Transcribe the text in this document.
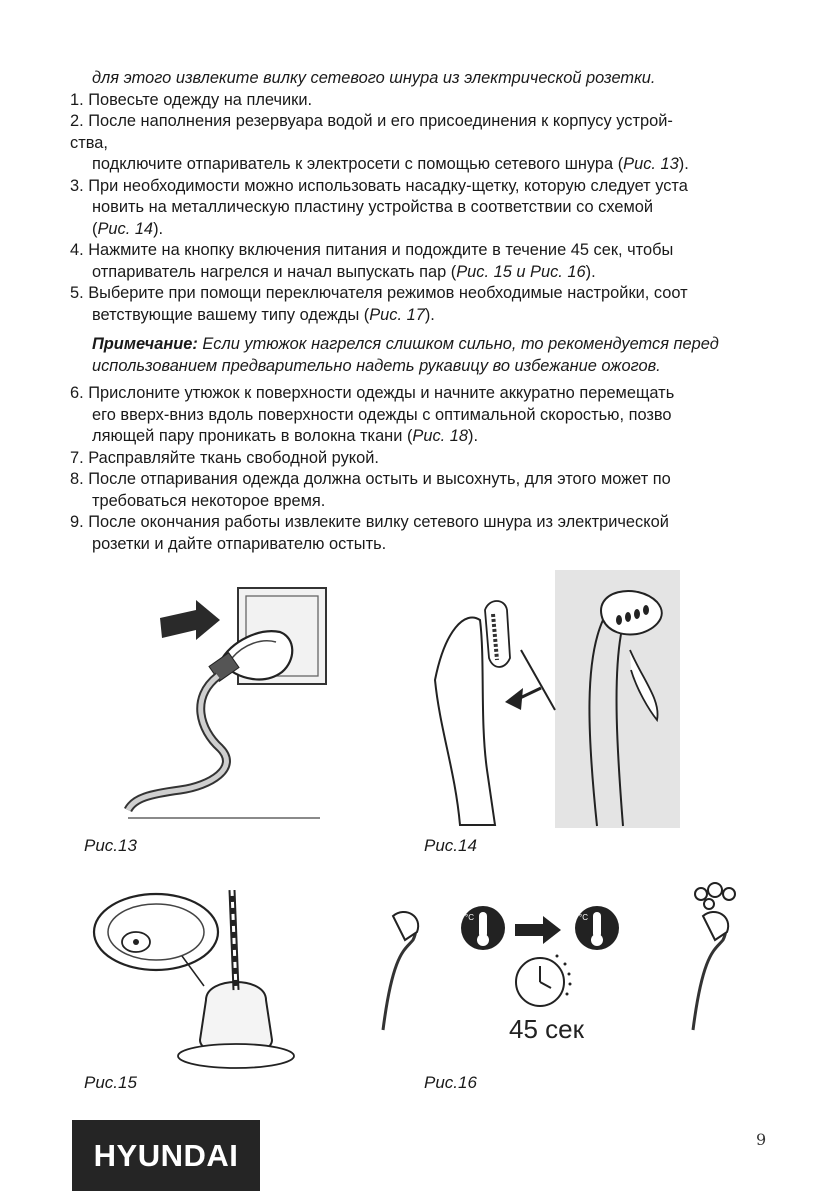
для этого извлеките вилку сетевого шнура из электрической розетки.
1. Повесьте одежду на плечики.
2. После наполнения резервуара водой и его присоединения к корпусу устрой-
ства,
подключите отпариватель к электросети с помощью сетевого шнура (Рис. 13).
3. При необходимости можно использовать насадку-щетку, которую следует уста
новить на металлическую пластину устройства в соответствии со схемой
(Рис. 14).
4. Нажмите на кнопку включения питания и подождите в течение 45 сек, чтобы
отпариватель нагрелся и начал выпускать пар (Рис. 15 и Рис. 16).
5. Выберите при помощи переключателя режимов необходимые настройки, соот
ветствующие вашему типу одежды (Рис. 17).
Примечание: Если утюжок нагрелся слишком сильно, то рекомендуется перед
использованием предварительно надеть рукавицу во избежание ожогов.
6. Прислоните утюжок к поверхности одежды и начните аккуратно перемещать
его вверх-вниз вдоль поверхности одежды с оптимальной скоростью, позво
ляющей пару проникать в волокна ткани (Рис. 18).
7. Расправляйте ткань свободной рукой.
8. После отпаривания одежда должна остыть и высохнуть, для этого может по
требоваться некоторое время.
9. После окончания работы извлеките вилку сетевого шнура из электрической
розетки и дайте отпаривателю остыть.
Рис.13	Рис.14
Рис.15
°C	°C
45 сек
Рис.16
HYUNDAI	9
